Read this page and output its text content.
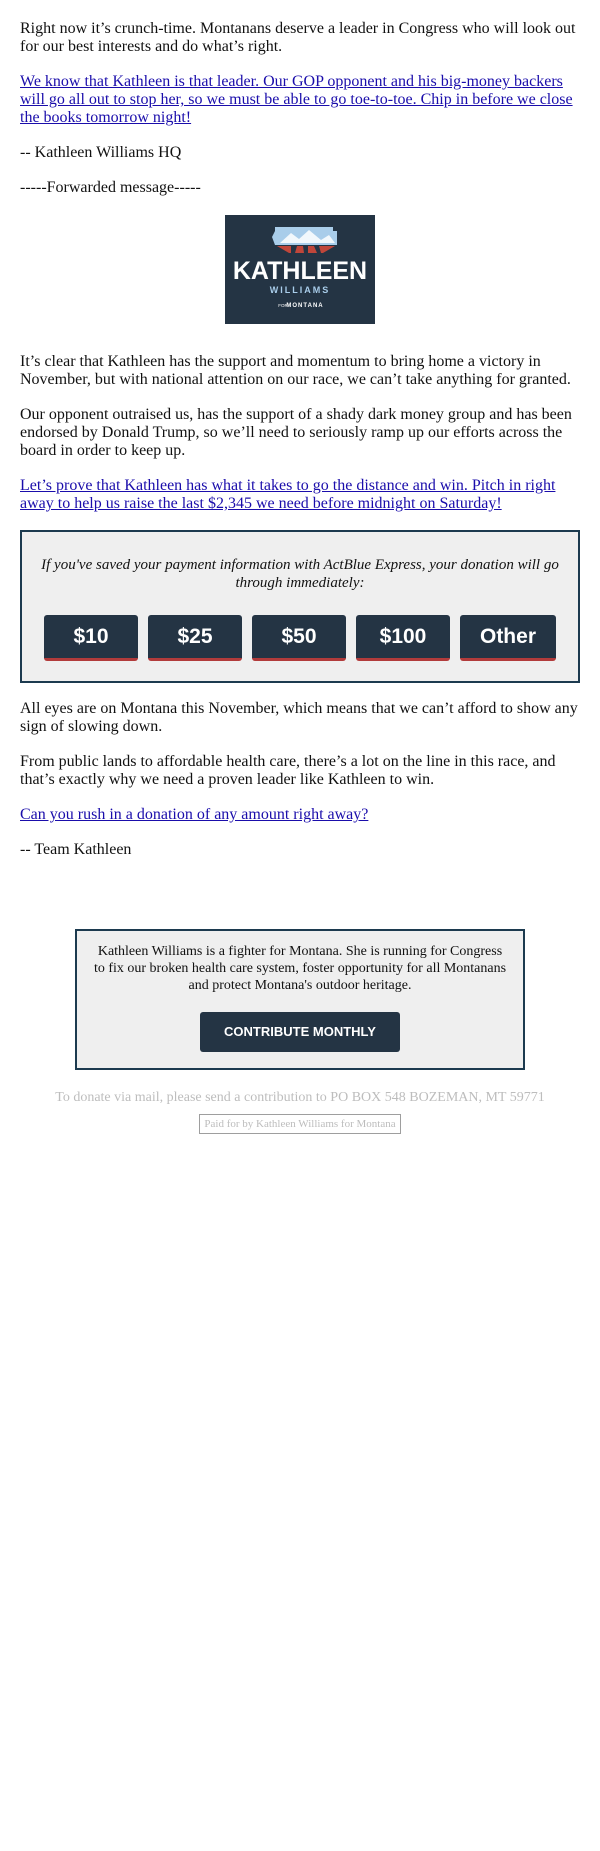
Right now it’s crunch-time. Montanans deserve a leader in Congress who will look out for our best interests and do what’s right.

We know that Kathleen is that leader. Our GOP opponent and his big-money backers will go all out to stop her, so we must be able to go toe-to-toe. Chip in before we close the books tomorrow night!

-- Kathleen Williams HQ

-----Forwarded message-----

KATHLEEN
WILLIAMS
FOR
MONTANA

It’s clear that Kathleen has the support and momentum to bring home a victory in November, but with national attention on our race, we can’t take anything for granted.

Our opponent outraised us, has the support of a shady dark money group and has been endorsed by Donald Trump, so we’ll need to seriously ramp up our efforts across the board in order to keep up.

Let’s prove that Kathleen has what it takes to go the distance and win. Pitch in right away to help us raise the last $2,345 we need before midnight on Saturday!

If you've saved your payment information with ActBlue Express, your donation will go through immediately:
$10	$25	$50	$100	Other

All eyes are on Montana this November, which means that we can’t afford to show any sign of slowing down.

From public lands to affordable health care, there’s a lot on the line in this race, and that’s exactly why we need a proven leader like Kathleen to win.

Can you rush in a donation of any amount right away?

-- Team Kathleen

Kathleen Williams is a fighter for Montana. She is running for Congress to fix our broken health care system, foster opportunity for all Montanans and protect Montana's outdoor heritage.
CONTRIBUTE MONTHLY
To donate via mail, please send a contribution to PO BOX 548 BOZEMAN, MT 59771
Paid for by Kathleen Williams for Montana
